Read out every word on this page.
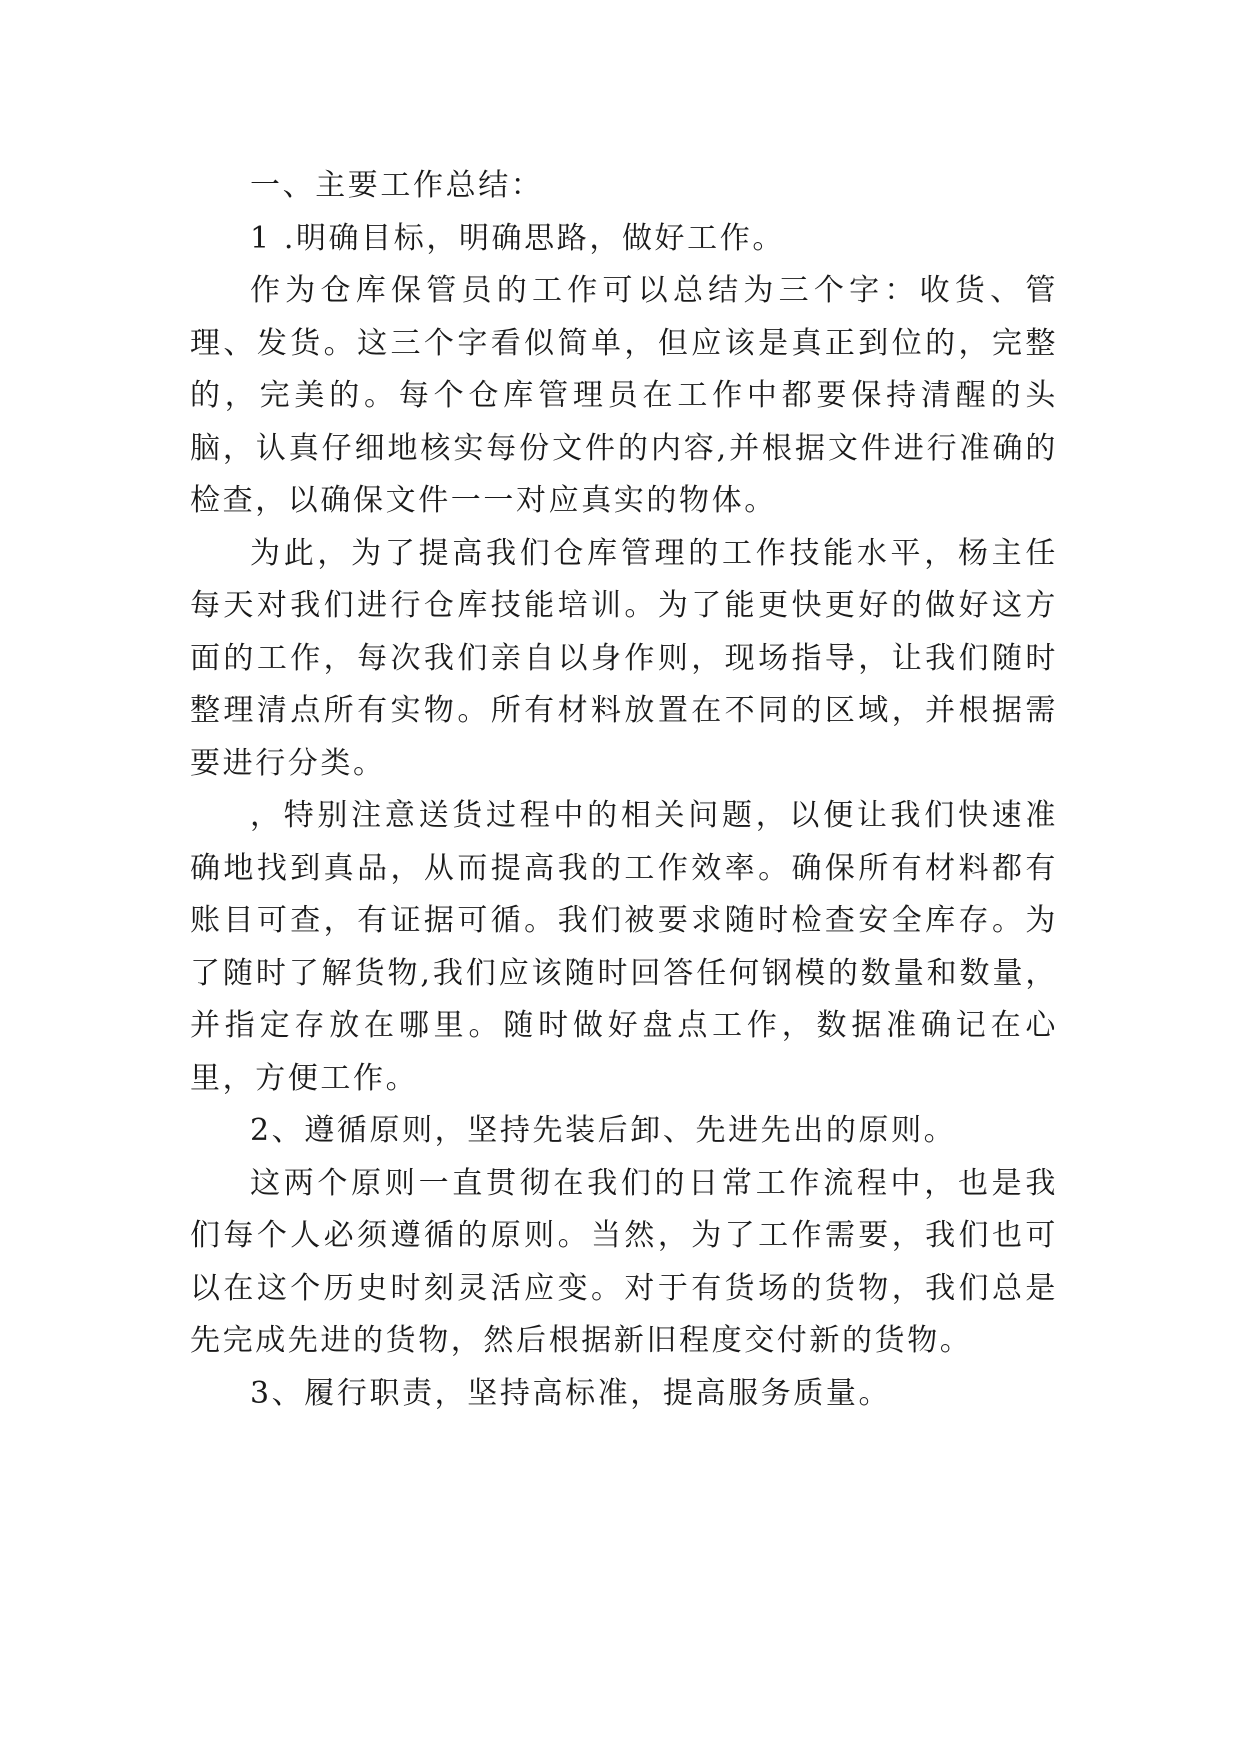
一、主要工作总结：

1 .明确目标，明确思路，做好工作。

作为仓库保管员的工作可以总结为三个字：收货、管理、发货。这三个字看似简单，但应该是真正到位的，完整的，完美的。每个仓库管理员在工作中都要保持清醒的头脑，认真仔细地核实每份文件的内容,并根据文件进行准确的检查，以确保文件一一对应真实的物体。

为此，为了提高我们仓库管理的工作技能水平，杨主任每天对我们进行仓库技能培训。为了能更快更好的做好这方面的工作，每次我们亲自以身作则，现场指导，让我们随时整理清点所有实物。所有材料放置在不同的区域，并根据需要进行分类。

，特别注意送货过程中的相关问题，以便让我们快速准确地找到真品，从而提高我的工作效率。确保所有材料都有账目可查，有证据可循。我们被要求随时检查安全库存。为了随时了解货物,我们应该随时回答任何钢模的数量和数量，并指定存放在哪里。随时做好盘点工作，数据准确记在心里，方便工作。

2、遵循原则，坚持先装后卸、先进先出的原则。

这两个原则一直贯彻在我们的日常工作流程中，也是我们每个人必须遵循的原则。当然，为了工作需要，我们也可以在这个历史时刻灵活应变。对于有货场的货物，我们总是先完成先进的货物，然后根据新旧程度交付新的货物。

3、履行职责，坚持高标准，提高服务质量。
